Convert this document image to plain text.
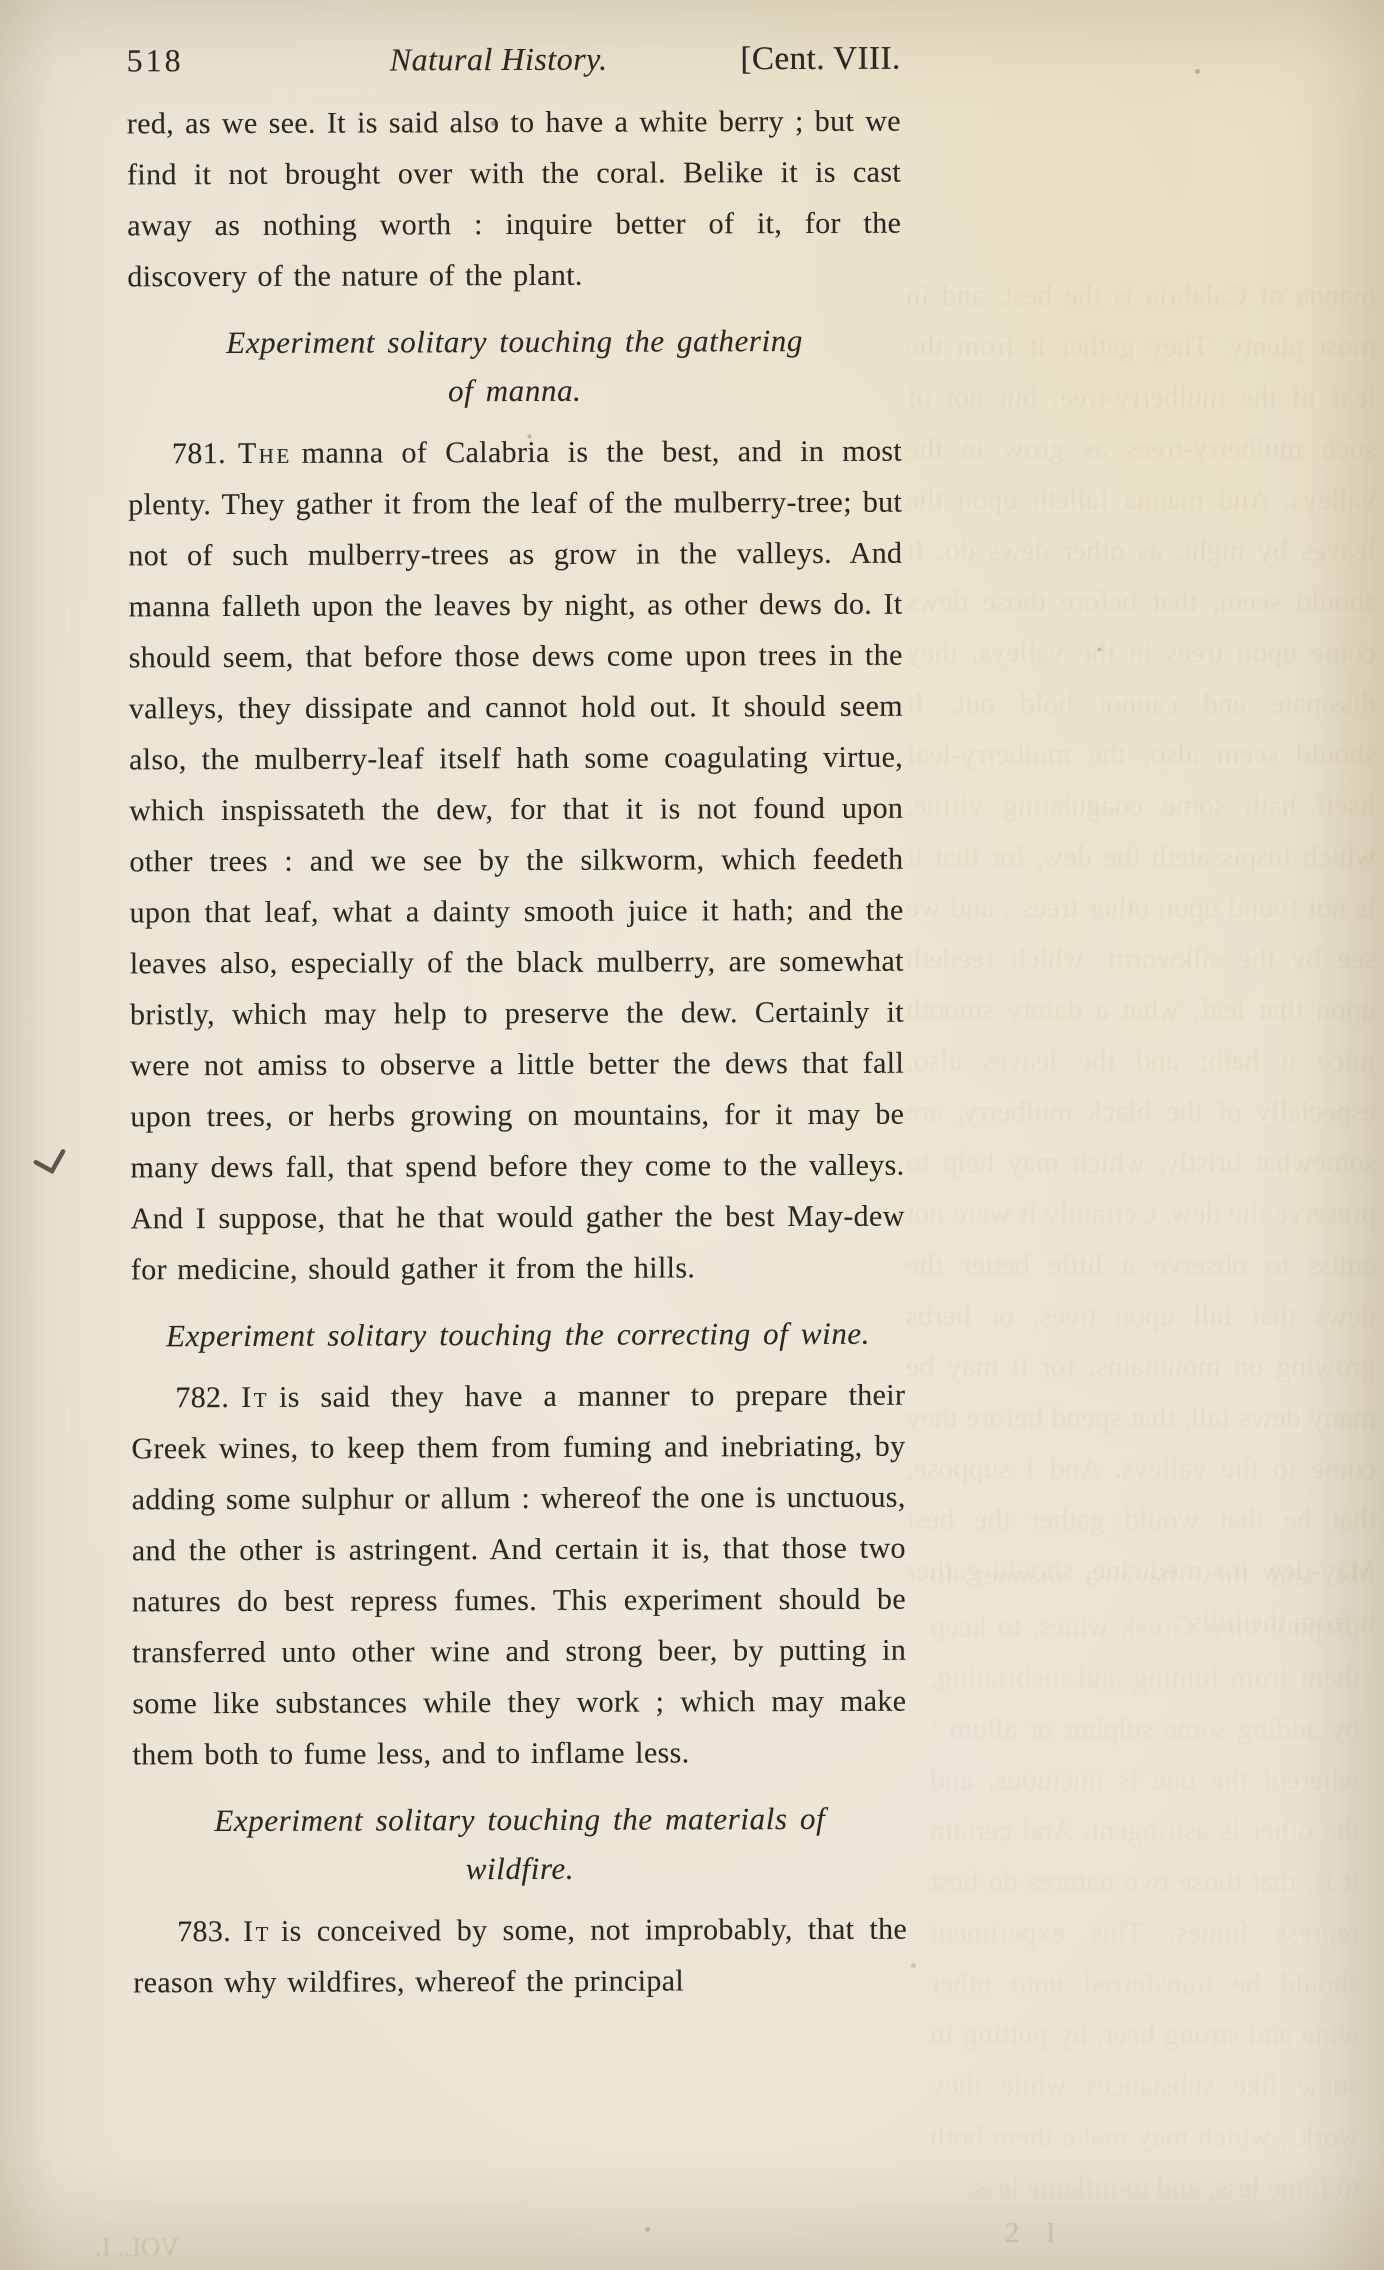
manna of Calabria is the best, and in most plenty. They gather it from the leaf of the mulberry-tree; but not of such mulberry-trees as grow in the valleys. And manna falleth upon the leaves by night, as other dews do. It should seem, that before those dews come upon trees in the valleys, they dissipate and cannot hold out. It should seem also, the mulberry-leaf itself hath some coagulating virtue, which inspissateth the dew, for that it is not found upon other trees : and we see by the silkworm, which feedeth upon that leaf, what a dainty smooth juice it hath; and the leaves also, especially of the black mulberry, are somewhat bristly, which may help to preserve the dew. Certainly it were not amiss to observe a little better the dews that fall upon trees, or herbs growing on mountains, for it may be many dews fall, that spend before they come to the valleys. And I suppose, that he that would gather the best May-dew for medicine, should gather it from the hills.
VOL. I.	2 I
518	Natural History.	[Cent. VIII.

red, as we see. It is said also to have a white berry ; but we find it not brought over with the coral. Belike it is cast away as nothing worth : inquire better of it, for the discovery of the nature of the plant.

Experiment solitary touching the gathering
of manna.

781. The manna of Calabria is the best, and in most plenty. They gather it from the leaf of the mulberry-tree; but not of such mulberry-trees as grow in the valleys. And manna falleth upon the leaves by night, as other dews do. It should seem, that before those dews come upon trees in the valleys, they dissipate and cannot hold out. It should seem also, the mulberry-leaf itself hath some coagulating virtue, which inspissateth the dew, for that it is not found upon other trees : and we see by the silkworm, which feedeth upon that leaf, what a dainty smooth juice it hath; and the leaves also, especially of the black mulberry, are somewhat bristly, which may help to preserve the dew. Certainly it were not amiss to observe a little better the dews that fall upon trees, or herbs growing on mountains, for it may be many dews fall, that spend before they come to the valleys. And I suppose, that he that would gather the best May-dew for medicine, should gather it from the hills.

Experiment solitary touching the correcting of wine.

782. It is said they have a manner to prepare their Greek wines, to keep them from fuming and inebriating, by adding some sulphur or allum : whereof the one is unctuous, and the other is astringent. And certain it is, that those two natures do best repress fumes. This experiment should be transferred unto other wine and strong beer, by putting in some like substances while they work ; which may make them both to fume less, and to inflame less.

Experiment solitary touching the materials of
wildfire.

783. It is conceived by some, not improbably, that the reason why wildfires, whereof the principal
